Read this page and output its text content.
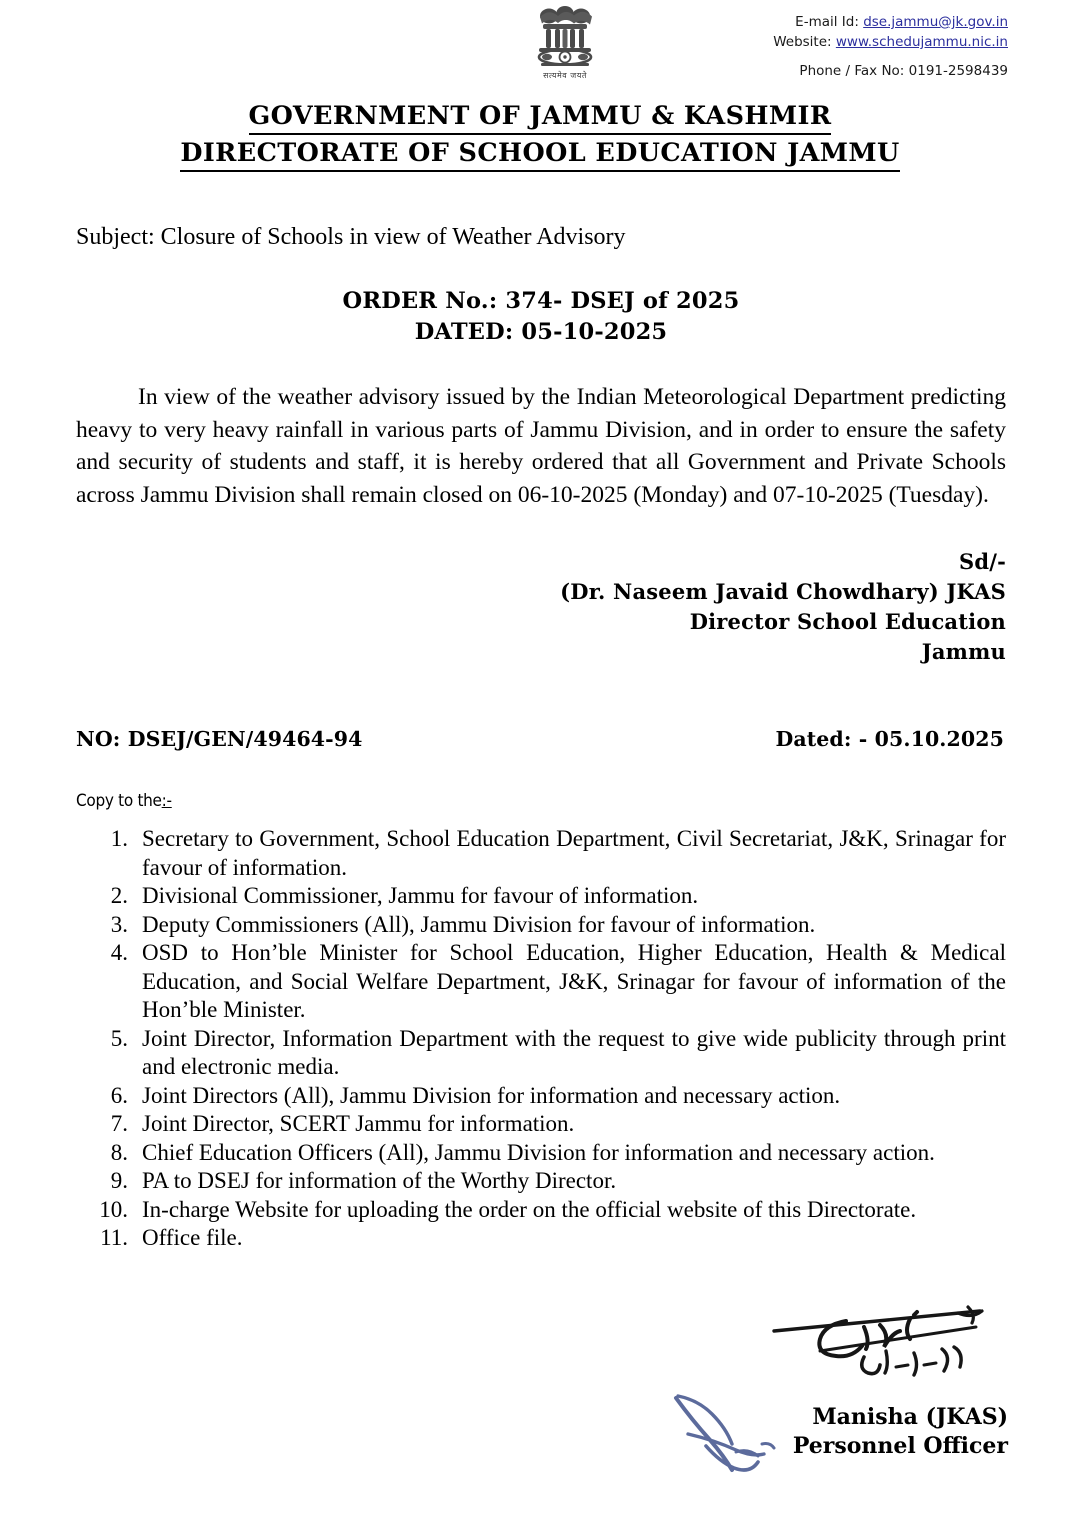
सत्यमेव जयते
E-mail Id: dse.jammu@jk.gov.in
Website: www.schedujammu.nic.in
Phone / Fax No: 0191-2598439
GOVERNMENT OF JAMMU & KASHMIR
DIRECTORATE OF SCHOOL EDUCATION JAMMU
Subject: Closure of Schools in view of Weather Advisory
ORDER No.: 374- DSEJ of 2025
DATED: 05-10-2025

In view of the weather advisory issued by the Indian Meteorological Department predicting heavy to very heavy rainfall in various parts of Jammu Division, and in order to ensure the safety and security of students and staff, it is hereby ordered that all Government and Private Schools across Jammu Division shall remain closed on 06-10-2025 (Monday) and 07-10-2025 (Tuesday).

Sd/-
(Dr. Naseem Javaid Chowdhary) JKAS
Director School Education
Jammu
NO: DSEJ/GEN/49464-94	Dated: - 05.10.2025
Copy to the:-
1. Secretary to Government, School Education Department, Civil Secretariat, J&K, Srinagar for favour of information.
2. Divisional Commissioner, Jammu for favour of information.
3. Deputy Commissioners (All), Jammu Division for favour of information.
4. OSD to Hon’ble Minister for School Education, Higher Education, Health & Medical Education, and Social Welfare Department, J&K, Srinagar for favour of information of the Hon’ble Minister.
5. Joint Director, Information Department with the request to give wide publicity through print and electronic media.
6. Joint Directors (All), Jammu Division for information and necessary action.
7. Joint Director, SCERT Jammu for information.
8. Chief Education Officers (All), Jammu Division for information and necessary action.
9. PA to DSEJ for information of the Worthy Director.
10. In-charge Website for uploading the order on the official website of this Directorate.
11. Office file.
Manisha (JKAS)
Personnel Officer
